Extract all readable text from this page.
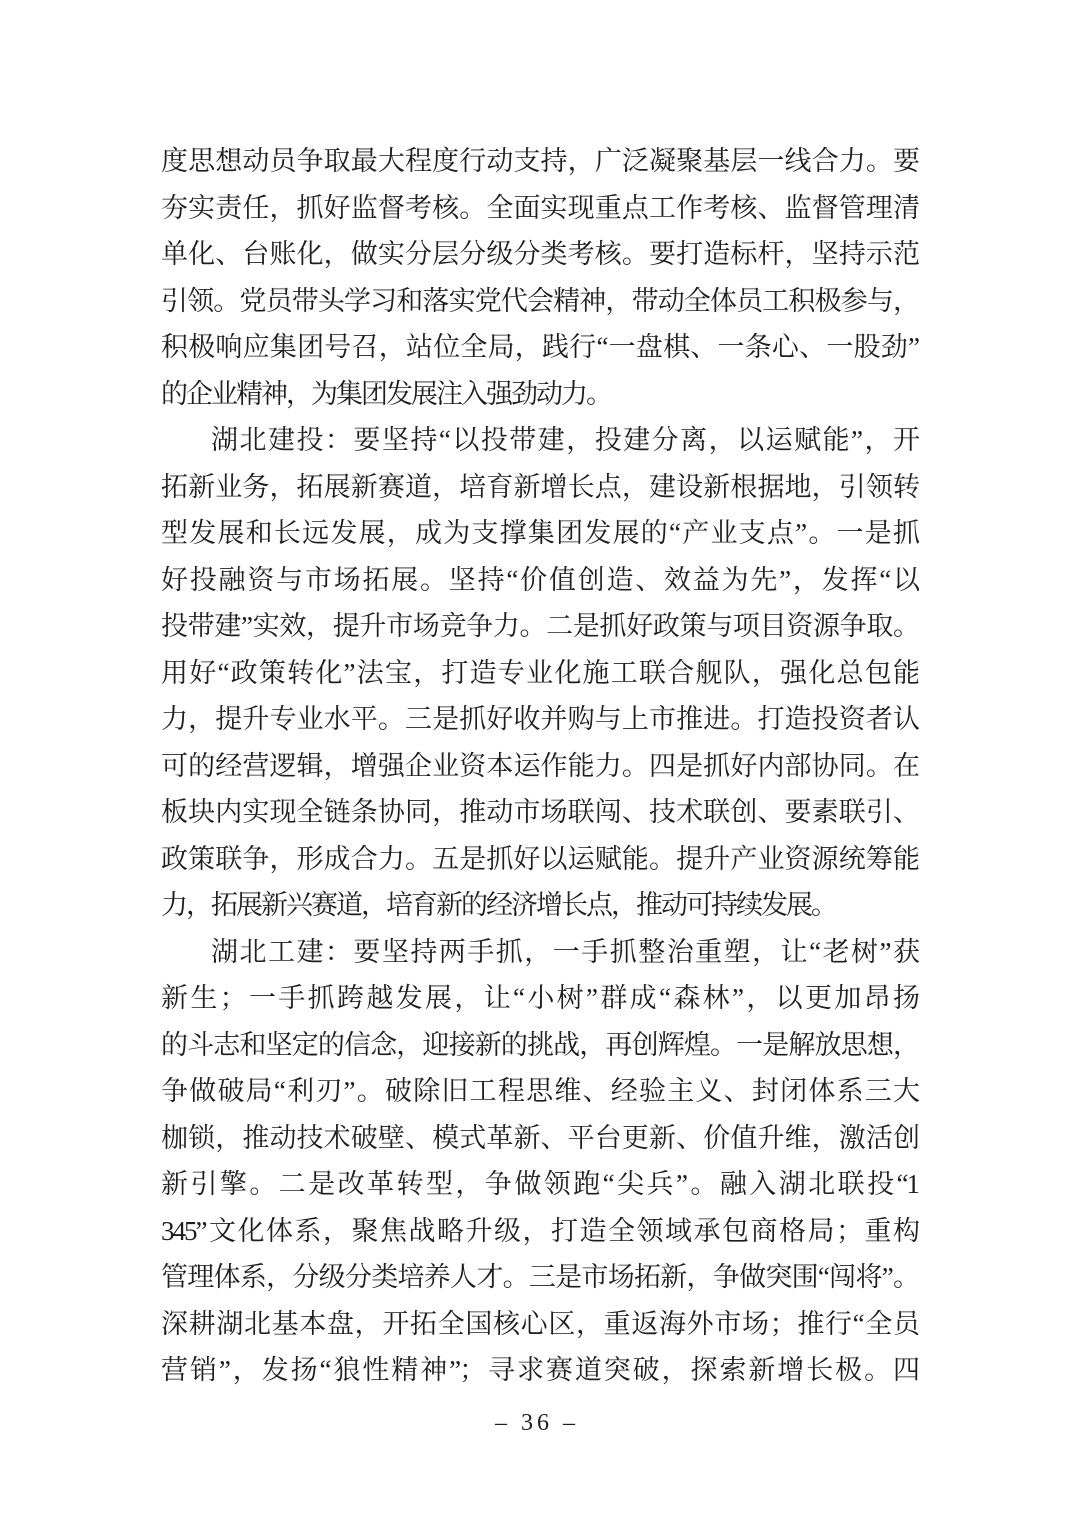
度思想动员争取最大程度行动支持，广泛凝聚基层一线合力。要
夯实责任，抓好监督考核。全面实现重点工作考核、监督管理清
单化、台账化，做实分层分级分类考核。要打造标杆，坚持示范
引领。党员带头学习和落实党代会精神，带动全体员工积极参与，
积极响应集团号召，站位全局，践行“一盘棋、一条心、一股劲”
的企业精神，为集团发展注入强劲动力。
湖北建投：要坚持“以投带建，投建分离，以运赋能”，开
拓新业务，拓展新赛道，培育新增长点，建设新根据地，引领转
型发展和长远发展，成为支撑集团发展的“产业支点”。一是抓
好投融资与市场拓展。坚持“价值创造、效益为先”，发挥“以
投带建”实效，提升市场竞争力。二是抓好政策与项目资源争取。
用好“政策转化”法宝，打造专业化施工联合舰队，强化总包能
力，提升专业水平。三是抓好收并购与上市推进。打造投资者认
可的经营逻辑，增强企业资本运作能力。四是抓好内部协同。在
板块内实现全链条协同，推动市场联闯、技术联创、要素联引、
政策联争，形成合力。五是抓好以运赋能。提升产业资源统筹能
力，拓展新兴赛道，培育新的经济增长点，推动可持续发展。
湖北工建：要坚持两手抓，一手抓整治重塑，让“老树”获
新生；一手抓跨越发展，让“小树”群成“森林”，以更加昂扬
的斗志和坚定的信念，迎接新的挑战，再创辉煌。一是解放思想，
争做破局“利刃”。破除旧工程思维、经验主义、封闭体系三大
枷锁，推动技术破壁、模式革新、平台更新、价值升维，激活创
新引擎。二是改革转型，争做领跑“尖兵”。融入湖北联投“1
345”文化体系，聚焦战略升级，打造全领域承包商格局；重构
管理体系，分级分类培养人才。三是市场拓新，争做突围“闯将”。
深耕湖北基本盘，开拓全国核心区，重返海外市场；推行“全员
营销”，发扬“狼性精神”；寻求赛道突破，探索新增长极。四
– 36 –
